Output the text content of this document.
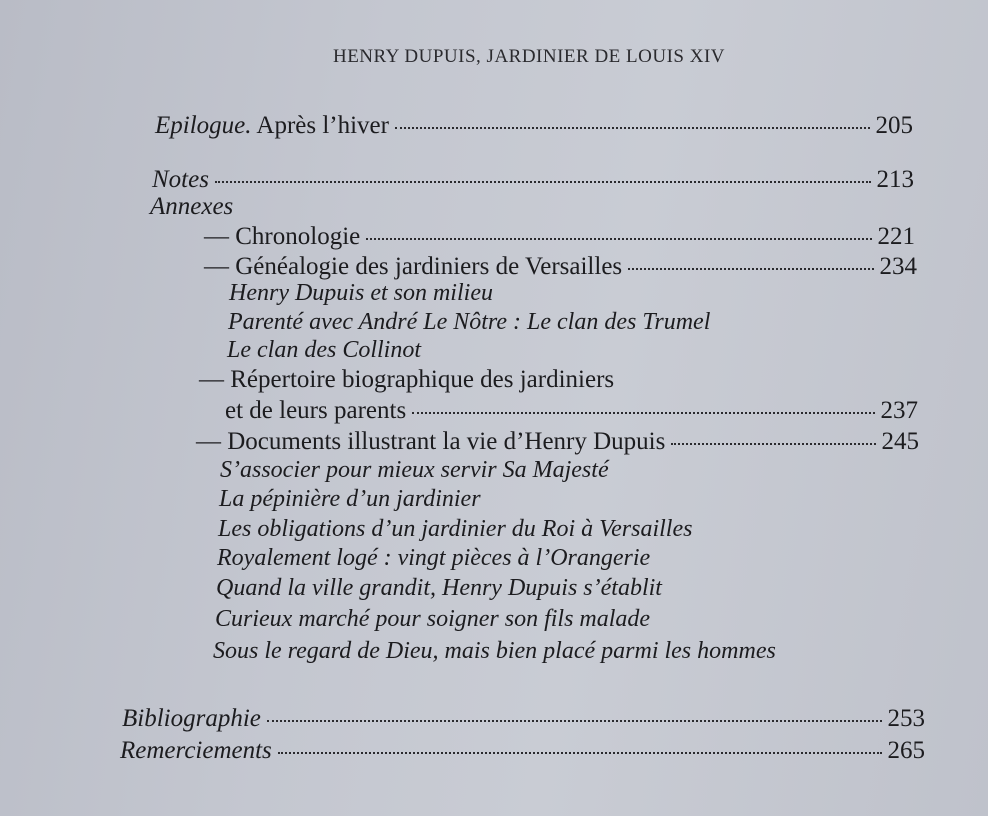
HENRY DUPUIS, JARDINIER DE LOUIS XIV
Epilogue. Après l’hiver	205
Notes	213
Annexes
— Chronologie	221
— Généalogie des jardiniers de Versailles	234
Henry Dupuis et son milieu
Parenté avec André Le Nôtre : Le clan des Trumel
Le clan des Collinot
— Répertoire biographique des jardiniers
et de leurs parents	237
— Documents illustrant la vie d’Henry Dupuis	245
S’associer pour mieux servir Sa Majesté
La pépinière d’un jardinier
Les obligations d’un jardinier du Roi à Versailles
Royalement logé : vingt pièces à l’Orangerie
Quand la ville grandit, Henry Dupuis s’établit
Curieux marché pour soigner son fils malade
Sous le regard de Dieu, mais bien placé parmi les hommes
Bibliographie	253
Remerciements	265
